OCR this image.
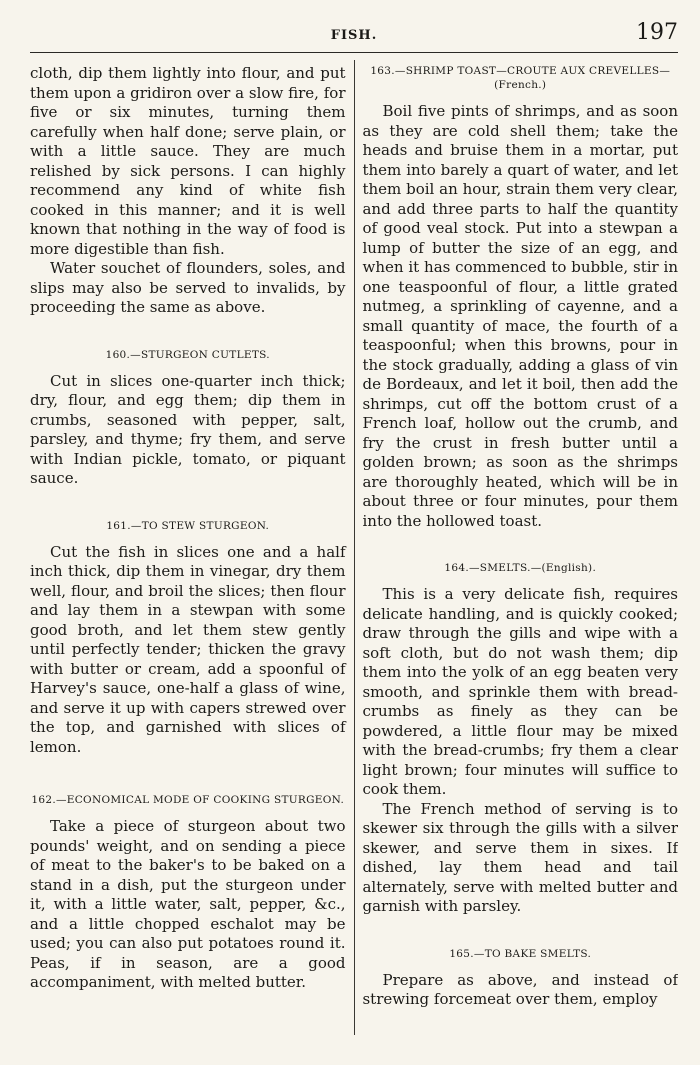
FISH.	197

cloth, dip them lightly into flour, and put them upon a gridiron over a slow fire, for five or six minutes, turning them carefully when half done; serve plain, or with a little sauce. They are much relished by sick persons. I can highly recommend any kind of white fish cooked in this manner; and it is well known that nothing in the way of food is more digestible than fish.

Water souchet of flounders, soles, and slips may also be served to invalids, by proceeding the same as above.

160.—STURGEON CUTLETS.

Cut in slices one-quarter inch thick; dry, flour, and egg them; dip them in crumbs, seasoned with pepper, salt, parsley, and thyme; fry them, and serve with Indian pickle, tomato, or piquant sauce.

161.—TO STEW STURGEON.

Cut the fish in slices one and a half inch thick, dip them in vinegar, dry them well, flour, and broil the slices; then flour and lay them in a stewpan with some good broth, and let them stew gently until perfectly tender; thicken the gravy with butter or cream, add a spoonful of Harvey's sauce, one-half a glass of wine, and serve it up with capers strewed over the top, and garnished with slices of lemon.

162.—ECONOMICAL MODE OF COOKING STURGEON.

Take a piece of sturgeon about two pounds' weight, and on sending a piece of meat to the baker's to be baked on a stand in a dish, put the sturgeon under it, with a little water, salt, pepper, &c., and a little chopped eschalot may be used; you can also put potatoes round it. Peas, if in season, are a good accompaniment, with melted butter.

163.—SHRIMP TOAST—CROUTE AUX CREVELLES—(French.)

Boil five pints of shrimps, and as soon as they are cold shell them; take the heads and bruise them in a mortar, put them into barely a quart of water, and let them boil an hour, strain them very clear, and add three parts to half the quantity of good veal stock. Put into a stewpan a lump of butter the size of an egg, and when it has commenced to bubble, stir in one teaspoonful of flour, a little grated nutmeg, a sprinkling of cayenne, and a small quantity of mace, the fourth of a teaspoonful; when this browns, pour in the stock gradually, adding a glass of vin de Bordeaux, and let it boil, then add the shrimps, cut off the bottom crust of a French loaf, hollow out the crumb, and fry the crust in fresh butter until a golden brown; as soon as the shrimps are thoroughly heated, which will be in about three or four minutes, pour them into the hollowed toast.

164.—SMELTS.—(English).

This is a very delicate fish, requires delicate handling, and is quickly cooked; draw through the gills and wipe with a soft cloth, but do not wash them; dip them into the yolk of an egg beaten very smooth, and sprinkle them with bread-crumbs as finely as they can be powdered, a little flour may be mixed with the bread-crumbs; fry them a clear light brown; four minutes will suffice to cook them.

The French method of serving is to skewer six through the gills with a silver skewer, and serve them in sixes. If dished, lay them head and tail alternately, serve with melted butter and garnish with parsley.

165.—TO BAKE SMELTS.

Prepare as above, and instead of strewing forcemeat over them, employ
